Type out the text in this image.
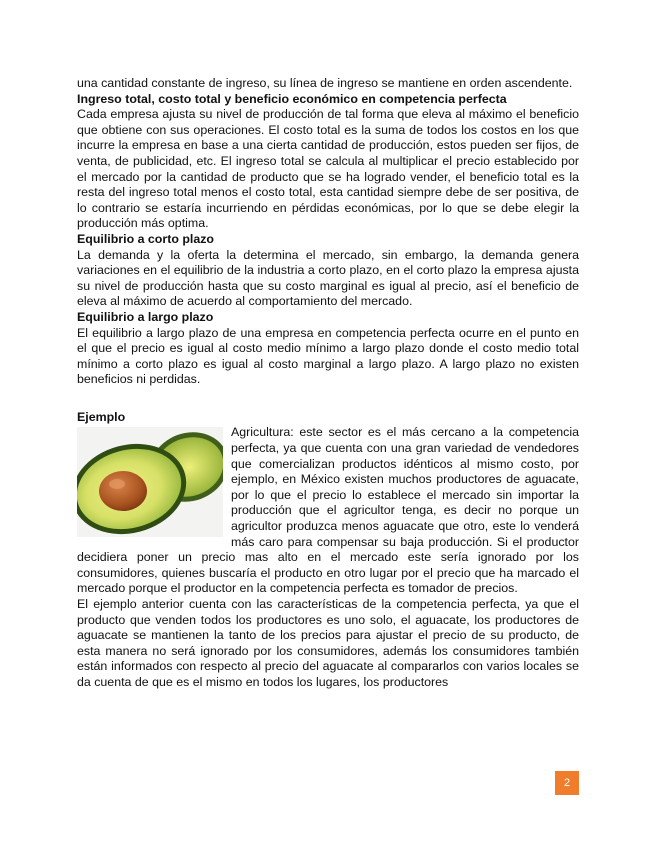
una cantidad constante de ingreso, su línea de ingreso se mantiene en orden ascendente.

Ingreso total, costo total y beneficio económico en competencia perfecta

Cada empresa ajusta su nivel de producción de tal forma que eleva al máximo el beneficio que obtiene con sus operaciones. El costo total es la suma de todos los costos en los que incurre la empresa en base a una cierta cantidad de producción, estos pueden ser fijos, de venta, de publicidad, etc. El ingreso total se calcula al multiplicar el precio establecido por el mercado por la cantidad de producto que se ha logrado vender, el beneficio total es la resta del ingreso total menos el costo total, esta cantidad siempre debe de ser positiva, de lo contrario se estaría incurriendo en pérdidas económicas, por lo que se debe elegir la producción más optima.

Equilibrio a corto plazo

La demanda y la oferta la determina el mercado, sin embargo, la demanda genera variaciones en el equilibrio de la industria a corto plazo, en el corto plazo la empresa ajusta su nivel de producción hasta que su costo marginal es igual al precio, así el beneficio de eleva al máximo de acuerdo al comportamiento del mercado.

Equilibrio a largo plazo

El equilibrio a largo plazo de una empresa en competencia perfecta ocurre en el punto en el que el precio es igual al costo medio mínimo a largo plazo donde el costo medio total mínimo a corto plazo es igual al costo marginal a largo plazo. A largo plazo no existen beneficios ni perdidas.

Ejemplo

Agricultura: este sector es el más cercano a la competencia perfecta, ya que cuenta con una gran variedad de vendedores que comercializan productos idénticos al mismo costo, por ejemplo, en México existen muchos productores de aguacate, por lo que el precio lo establece el mercado sin importar la producción que el agricultor tenga, es decir no porque un agricultor produzca menos aguacate que otro, este lo venderá más caro para compensar su baja producción. Si el productor decidiera poner un precio mas alto en el mercado este sería ignorado por los consumidores, quienes buscaría el producto en otro lugar por el precio que ha marcado el mercado porque el productor en la competencia perfecta es tomador de precios.

El ejemplo anterior cuenta con las características de la competencia perfecta, ya que el producto que venden todos los productores es uno solo, el aguacate, los productores de aguacate se mantienen la tanto de los precios para ajustar el precio de su producto, de esta manera no será ignorado por los consumidores, además los consumidores también están informados con respecto al precio del aguacate al compararlos con varios locales se da cuenta de que es el mismo en todos los lugares, los productores

2
